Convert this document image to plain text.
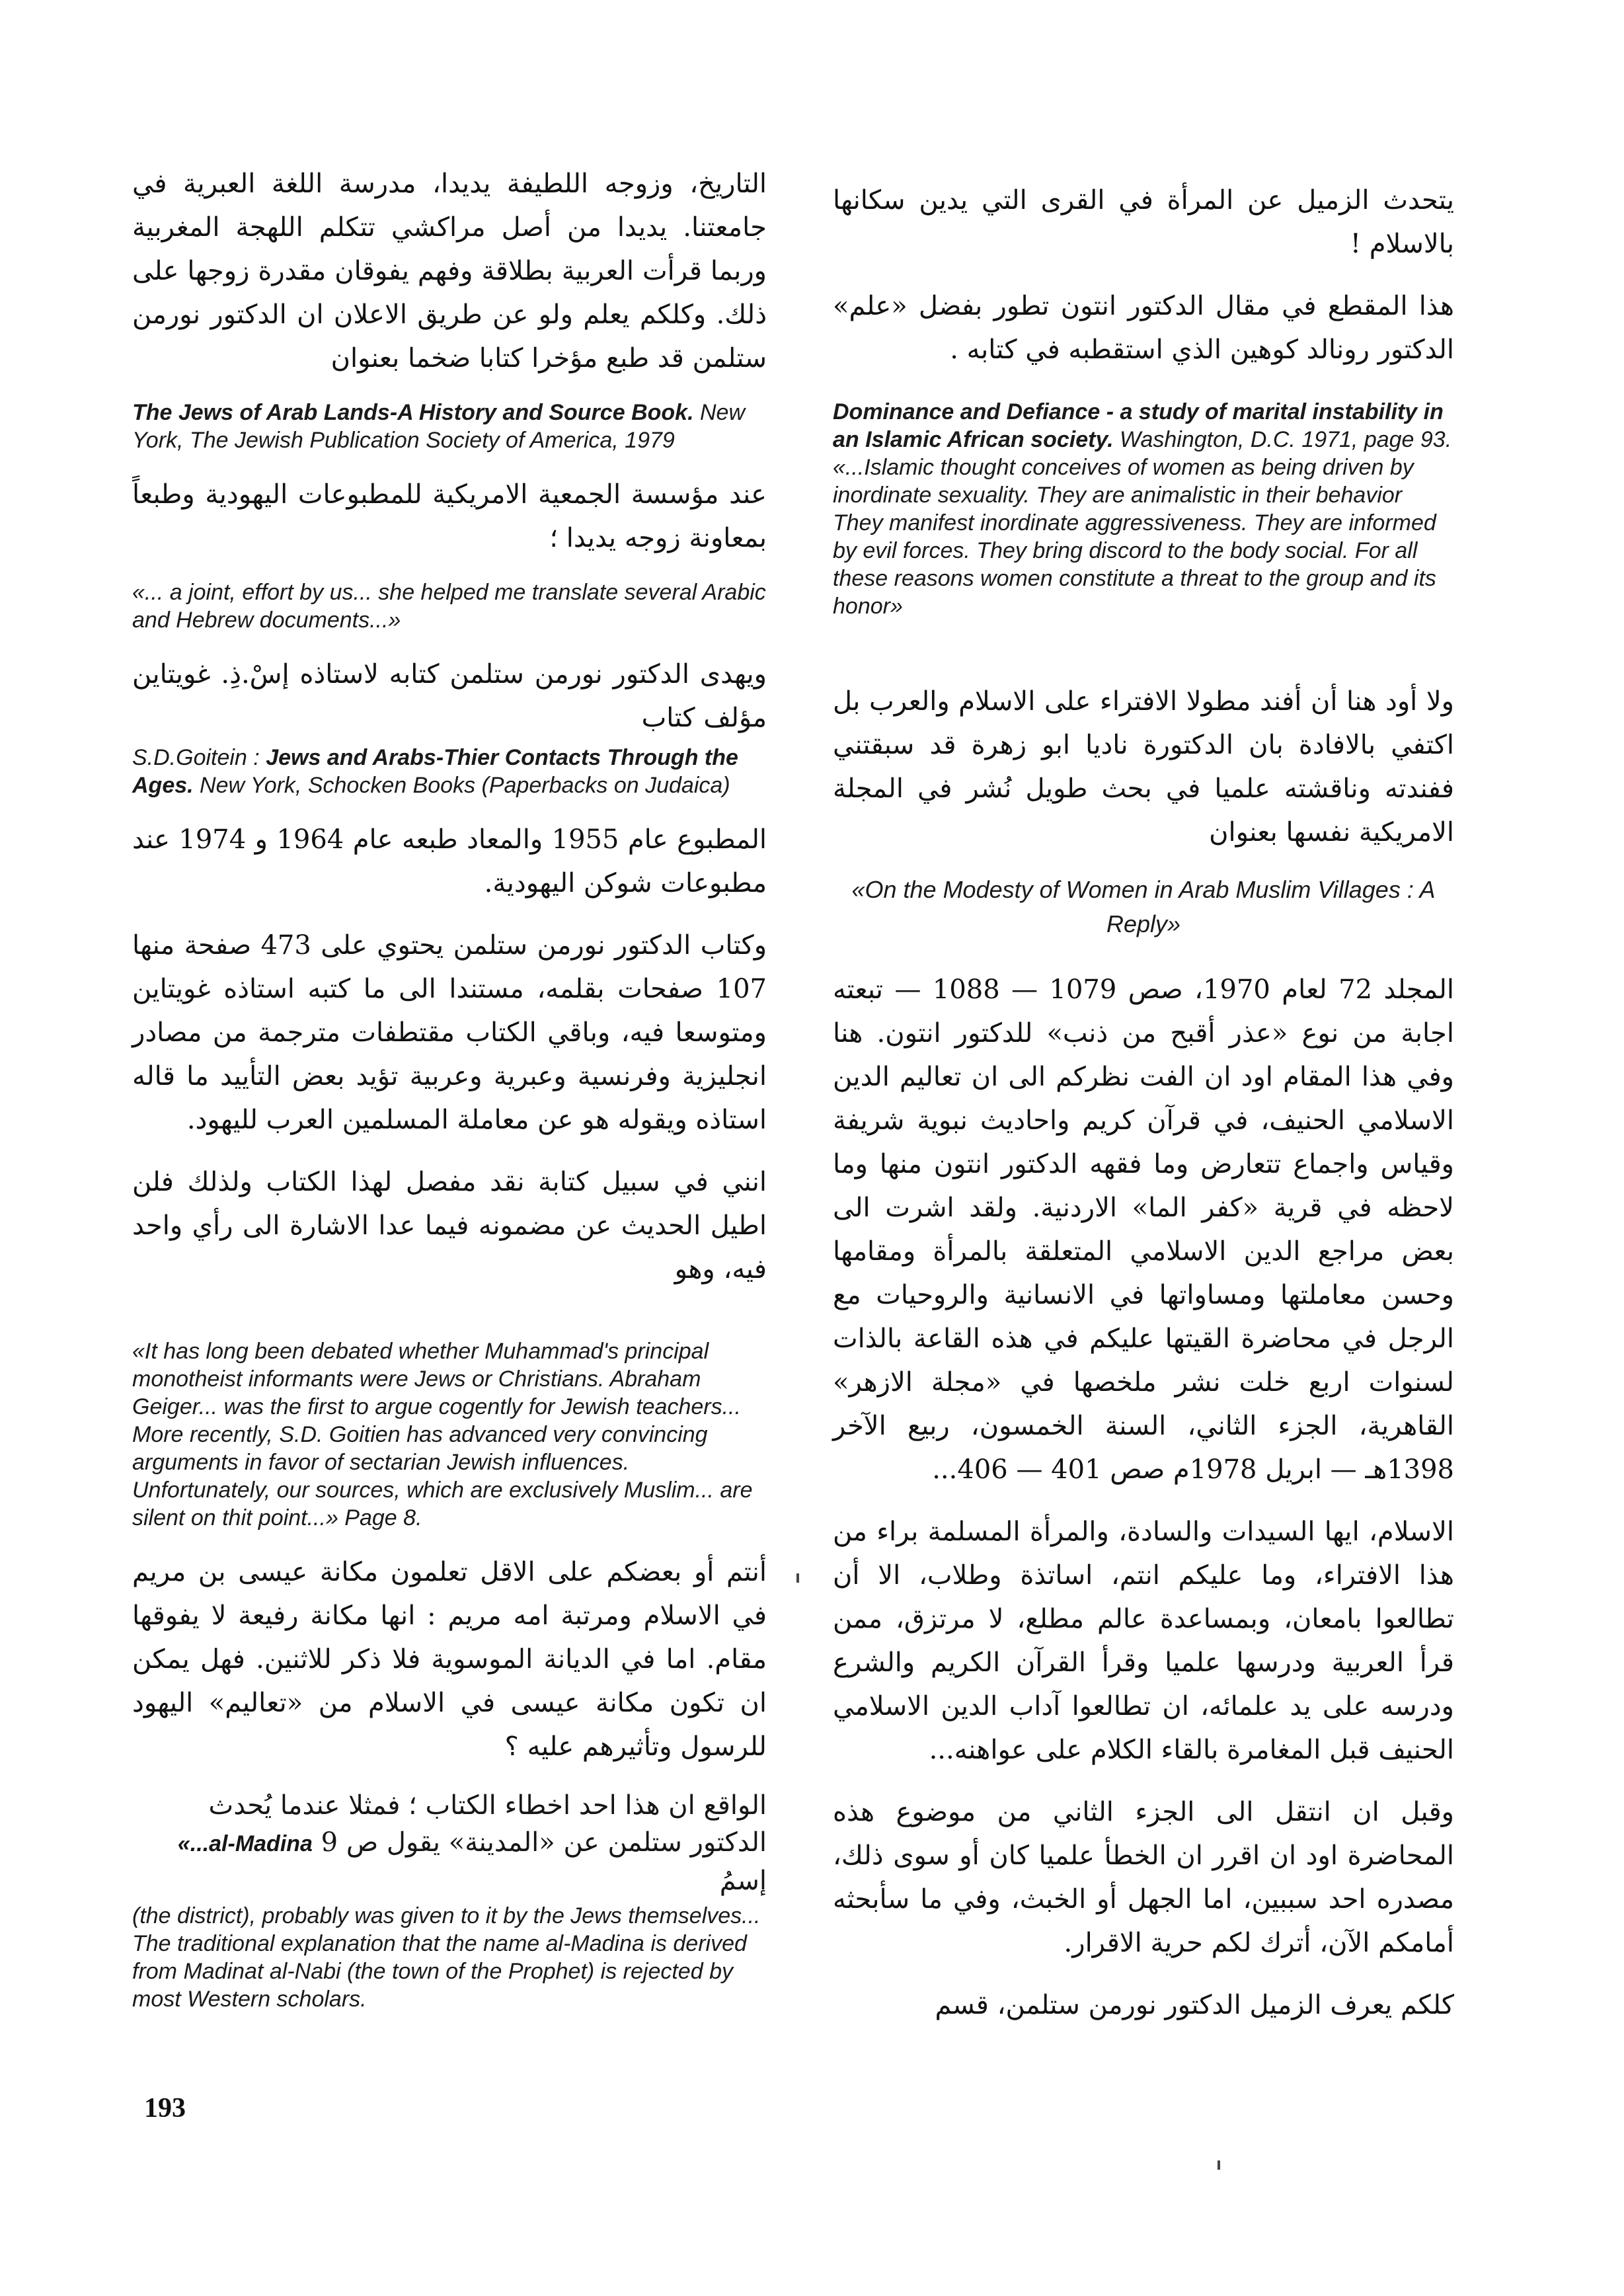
يتحدث الزميل عن المرأة في القرى التي يدين سكانها بالاسلام !

هذا المقطع في مقال الدكتور انتون تطور بفضل «علم» الدكتور رونالد كوهين الذي استقطبه في كتابه .

Dominance and Defiance - a study of marital instability in an Islamic African society. Washington, D.C. 1971, page 93. «...Islamic thought conceives of women as being driven by inordinate sexuality. They are animalistic in their behavior They manifest inordinate aggressiveness. They are informed by evil forces. They bring discord to the body social. For all these reasons women constitute a threat to the group and its honor»

ولا أود هنا أن أفند مطولا الافتراء على الاسلام والعرب بل اكتفي بالافادة بان الدكتورة ناديا ابو زهرة قد سبقتني ففندته وناقشته علميا في بحث طويل نُشر في المجلة الامريكية نفسها بعنوان

«On the Modesty of Women in Arab Muslim Villages : A Reply»

المجلد 72 لعام 1970، صص 1079 — 1088 — تبعته اجابة من نوع «عذر أقبح من ذنب» للدكتور انتون. هنا وفي هذا المقام اود ان الفت نظركم الى ان تعاليم الدين الاسلامي الحنيف، في قرآن كريم واحاديث نبوية شريفة وقياس واجماع تتعارض وما فقهه الدكتور انتون منها وما لاحظه في قرية «كفر الما» الاردنية. ولقد اشرت الى بعض مراجع الدين الاسلامي المتعلقة بالمرأة ومقامها وحسن معاملتها ومساواتها في الانسانية والروحيات مع الرجل في محاضرة القيتها عليكم في هذه القاعة بالذات لسنوات اربع خلت نشر ملخصها في «مجلة الازهر» القاهرية، الجزء الثاني، السنة الخمسون، ربيع الآخر 1398هـ — ابريل 1978م صص 401 — 406...

الاسلام، ايها السيدات والسادة، والمرأة المسلمة براء من هذا الافتراء، وما عليكم انتم، اساتذة وطلاب، الا أن تطالعوا بامعان، وبمساعدة عالم مطلع، لا مرتزق، ممن قرأ العربية ودرسها علميا وقرأ القرآن الكريم والشرع ودرسه على يد علمائه، ان تطالعوا آداب الدين الاسلامي الحنيف قبل المغامرة بالقاء الكلام على عواهنه...

وقبل ان انتقل الى الجزء الثاني من موضوع هذه المحاضرة اود ان اقرر ان الخطأ علميا كان أو سوى ذلك، مصدره احد سببين، اما الجهل أو الخبث، وفي ما سأبحثه أمامكم الآن، أترك لكم حرية الاقرار.

كلكم يعرف الزميل الدكتور نورمن ستلمن، قسم

التاريخ، وزوجه اللطيفة يديدا، مدرسة اللغة العبرية في جامعتنا. يديدا من أصل مراكشي تتكلم اللهجة المغربية وربما قرأت العربية بطلاقة وفهم يفوقان مقدرة زوجها على ذلك. وكلكم يعلم ولو عن طريق الاعلان ان الدكتور نورمن ستلمن قد طبع مؤخرا كتابا ضخما بعنوان

The Jews of Arab Lands-A History and Source Book. New York, The Jewish Publication Society of America, 1979

عند مؤسسة الجمعية الامريكية للمطبوعات اليهودية وطبعاً بمعاونة زوجه يديدا ؛

«... a joint, effort by us... she helped me translate several Arabic and Hebrew documents...»

ويهدى الدكتور نورمن ستلمن كتابه لاستاذه إسْ.ذِ. غويتاين مؤلف كتاب

S.D.Goitein : Jews and Arabs-Thier Contacts Through the Ages. New York, Schocken Books (Paperbacks on Judaica)

المطبوع عام 1955 والمعاد طبعه عام 1964 و 1974 عند مطبوعات شوكن اليهودية.

وكتاب الدكتور نورمن ستلمن يحتوي على 473 صفحة منها 107 صفحات بقلمه، مستندا الى ما كتبه استاذه غويتاين ومتوسعا فيه، وباقي الكتاب مقتطفات مترجمة من مصادر انجليزية وفرنسية وعبرية وعربية تؤيد بعض التأييد ما قاله استاذه ويقوله هو عن معاملة المسلمين العرب لليهود.

انني في سبيل كتابة نقد مفصل لهذا الكتاب ولذلك فلن اطيل الحديث عن مضمونه فيما عدا الاشارة الى رأي واحد فيه، وهو

«It has long been debated whether Muhammad's principal monotheist informants were Jews or Christians. Abraham Geiger... was the first to argue cogently for Jewish teachers... More recently, S.D. Goitien has advanced very convincing arguments in favor of sectarian Jewish influences. Unfortunately, our sources, which are exclusively Muslim... are silent on thit point...» Page 8.

أنتم أو بعضكم على الاقل تعلمون مكانة عيسى بن مريم في الاسلام ومرتبة امه مريم : انها مكانة رفيعة لا يفوقها مقام. اما في الديانة الموسوية فلا ذكر للاثنين. فهل يمكن ان تكون مكانة عيسى في الاسلام من «تعاليم» اليهود للرسول وتأثيرهم عليه ؟

الواقع ان هذا احد اخطاء الكتاب ؛ فمثلا عندما يُحدث الدكتور ستلمن عن «المدينة» يقول ص 9 «...al-Madina إسمُ

(the district), probably was given to it by the Jews themselves... The traditional explanation that the name al-Madina is derived from Madinat al-Nabi (the town of the Prophet) is rejected by most Western scholars.

193
